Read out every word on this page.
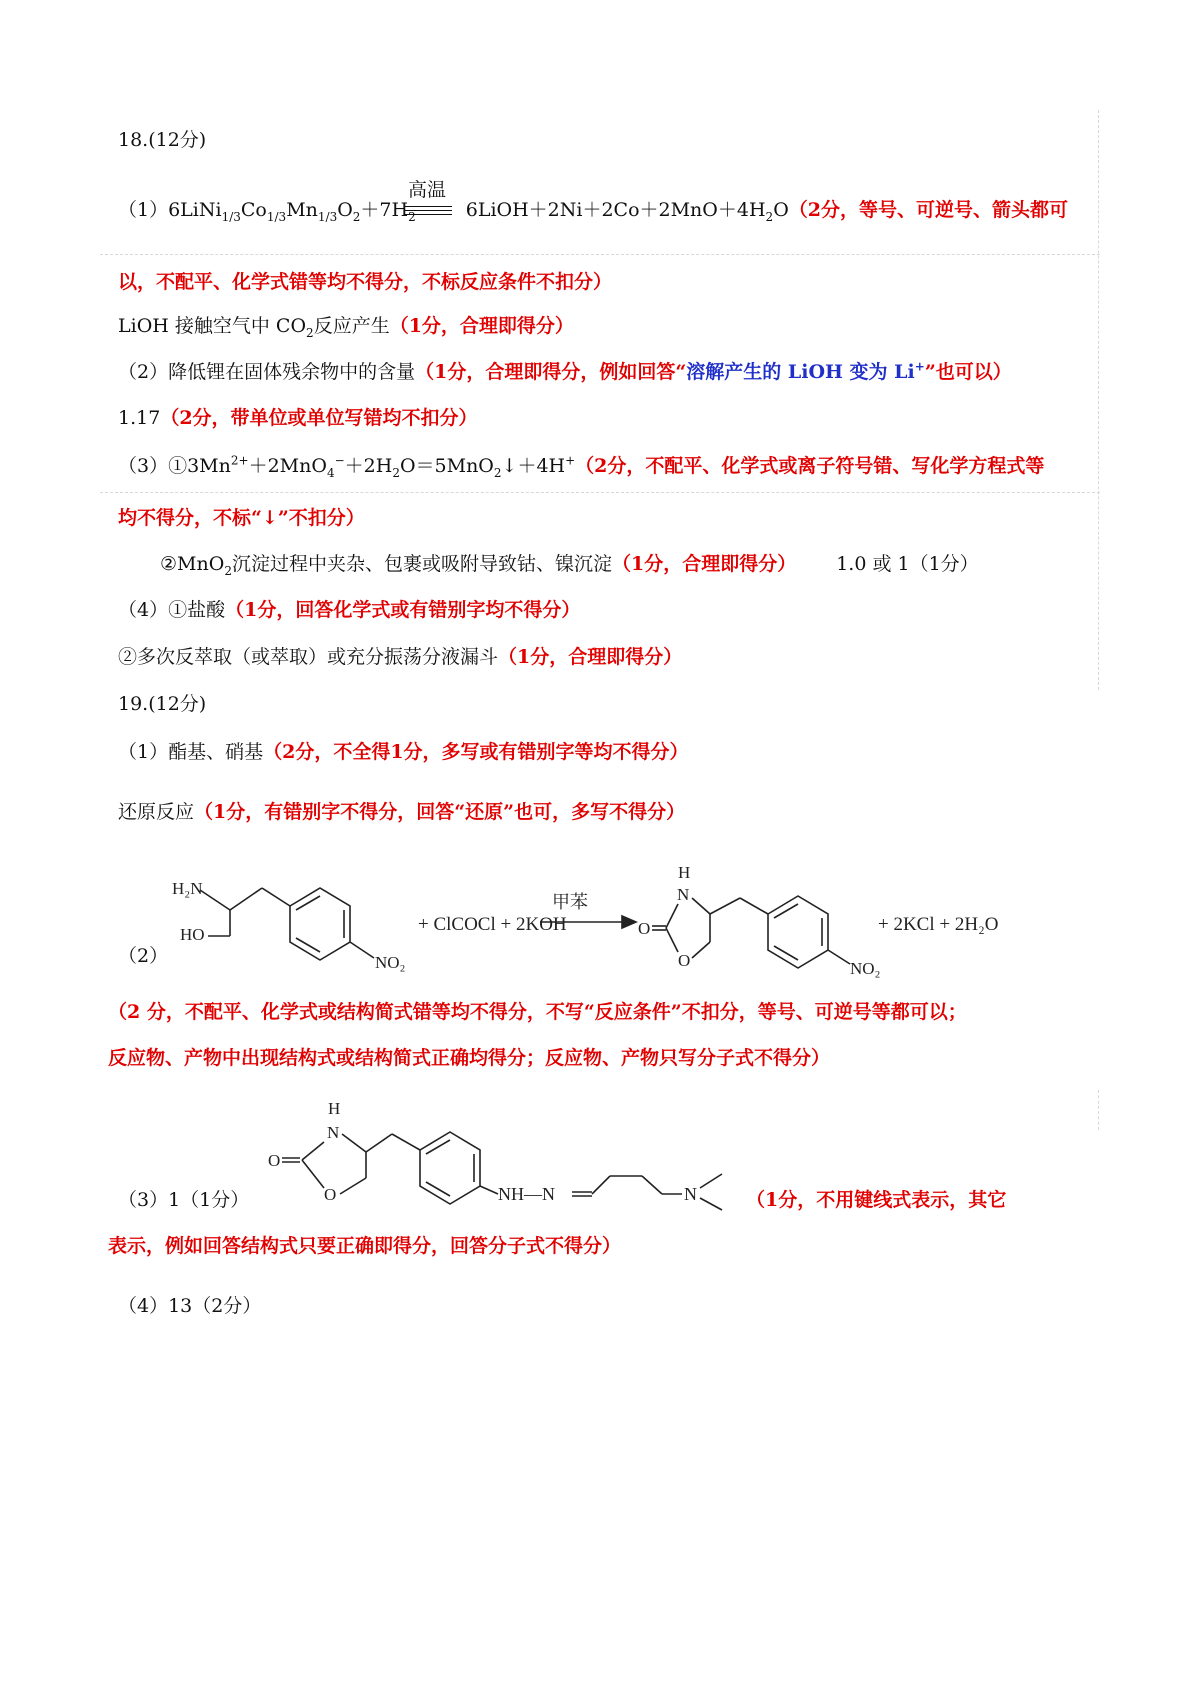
18.(12分)
高温
$(1)6LiNi_{1/3}Co_{1/3}Mn_{1/3}O_2+7H_2$	$6LiOH+2Ni+2Co+2MnO+4H_2O(2$分，等号、可逆号、箭头都可
以，不配平、化学式错等均不得分，不标反应条件不扣分）
LiOH 接触空气中 $CO_2$反应产生（1分，合理即得分）
（2）降低锂在固体残余物中的含量（1分，合理即得分，例如回答“溶解产生的 LiOH 变为 Li+”也可以）
1.17（2分，带单位或单位写错均不扣分）
$(3)①3Mn^{2+}+2MnO_4^-+2H_2O=5MnO_2↓+4H^+(2$分，不配平、化学式或离子符号错、写化学方程式等
均不得分，不标“↓”不扣分）
②MnO$_2$沉淀过程中夹杂、包裹或吸附导致钴、镍沉淀（1分，合理即得分） 1.0 或 1（1分）
（4）①盐酸（1分，回答化学式或有错别字均不得分）
②多次反萃取（或萃取）或充分振荡分液漏斗（1分，合理即得分）
19.(12分)
（1）酯基、硝基（2分，不全得1分，多写或有错别字等均不得分）
还原反应（1分，有错别字不得分，回答“还原”也可，多写不得分）
（2）
H₂N
HO
NO₂
+ ClCOCl + 2KOH
甲苯
H
N
O
O	NO₂
+ 2KCl + 2H₂O
（2 分，不配平、化学式或结构简式错等均不得分，不写“反应条件”不扣分，等号、可逆号等都可以；
反应物、产物中出现结构式或结构简式正确均得分；反应物、产物只写分子式不得分）
H
N
O
O	NH—N	N
（3）1（1分）	（1分，不用键线式表示，其它
表示，例如回答结构式只要正确即得分，回答分子式不得分）
（4）13（2分）
